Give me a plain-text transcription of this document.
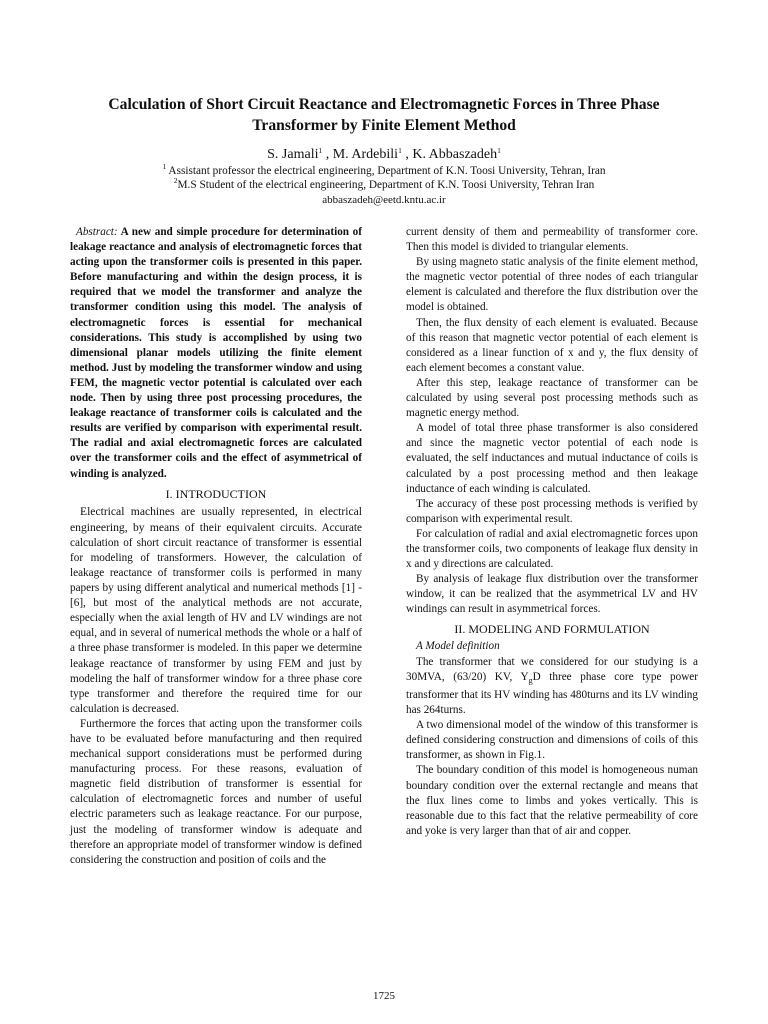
Calculation of Short Circuit Reactance and Electromagnetic Forces in Three Phase Transformer by Finite Element Method
S. Jamali$^1$ , M. Ardebili$^1$ , K. Abbaszadeh$^1$
$^1$ Assistant professor the electrical engineering, Department of K.N. Toosi University, Tehran, Iran
$^2$M.S Student of the electrical engineering, Department of K.N. Toosi University, Tehran Iran
abbaszadeh@eetd.kntu.ac.ir

Abstract: A new and simple procedure for determination of leakage reactance and analysis of electromagnetic forces that acting upon the transformer coils is presented in this paper. Before manufacturing and within the design process, it is required that we model the transformer and analyze the transformer condition using this model. The analysis of electromagnetic forces is essential for mechanical considerations. This study is accomplished by using two dimensional planar models utilizing the finite element method. Just by modeling the transformer window and using FEM, the magnetic vector potential is calculated over each node. Then by using three post processing procedures, the leakage reactance of transformer coils is calculated and the results are verified by comparison with experimental result. The radial and axial electromagnetic forces are calculated over the transformer coils and the effect of asymmetrical of winding is analyzed.

I. INTRODUCTION

Electrical machines are usually represented, in electrical engineering, by means of their equivalent circuits. Accurate calculation of short circuit reactance of transformer is essential for modeling of transformers. However, the calculation of leakage reactance of transformer coils is performed in many papers by using different analytical and numerical methods [1] - [6], but most of the analytical methods are not accurate, especially when the axial length of HV and LV windings are not equal, and in several of numerical methods the whole or a half of a three phase transformer is modeled. In this paper we determine leakage reactance of transformer by using FEM and just by modeling the half of transformer window for a three phase core type transformer and therefore the required time for our calculation is decreased.

Furthermore the forces that acting upon the transformer coils have to be evaluated before manufacturing and then required mechanical support considerations must be performed during manufacturing process. For these reasons, evaluation of magnetic field distribution of transformer is essential for calculation of electromagnetic forces and number of useful electric parameters such as leakage reactance. For our purpose, just the modeling of transformer window is adequate and therefore an appropriate model of transformer window is defined considering the construction and position of coils and the

current density of them and permeability of transformer core. Then this model is divided to triangular elements.

By using magneto static analysis of the finite element method, the magnetic vector potential of three nodes of each triangular element is calculated and therefore the flux distribution over the model is obtained.

Then, the flux density of each element is evaluated. Because of this reason that magnetic vector potential of each element is considered as a linear function of x and y, the flux density of each element becomes a constant value.

After this step, leakage reactance of transformer can be calculated by using several post processing methods such as magnetic energy method.

A model of total three phase transformer is also considered and since the magnetic vector potential of each node is evaluated, the self inductances and mutual inductance of coils is calculated by a post processing method and then leakage inductance of each winding is calculated.

The accuracy of these post processing methods is verified by comparison with experimental result.

For calculation of radial and axial electromagnetic forces upon the transformer coils, two components of leakage flux density in x and y directions are calculated.

By analysis of leakage flux distribution over the transformer window, it can be realized that the asymmetrical LV and HV windings can result in asymmetrical forces.

II. MODELING AND FORMULATION

A Model definition

The transformer that we considered for our studying is a 30MVA, (63/20) KV, $Y_gD$ three phase core type power transformer that its HV winding has 480turns and its LV winding has 264turns.

A two dimensional model of the window of this transformer is defined considering construction and dimensions of coils of this transformer, as shown in Fig.1.

The boundary condition of this model is homogeneous numan boundary condition over the external rectangle and means that the flux lines come to limbs and yokes vertically. This is reasonable due to this fact that the relative permeability of core and yoke is very larger than that of air and copper.

1725
